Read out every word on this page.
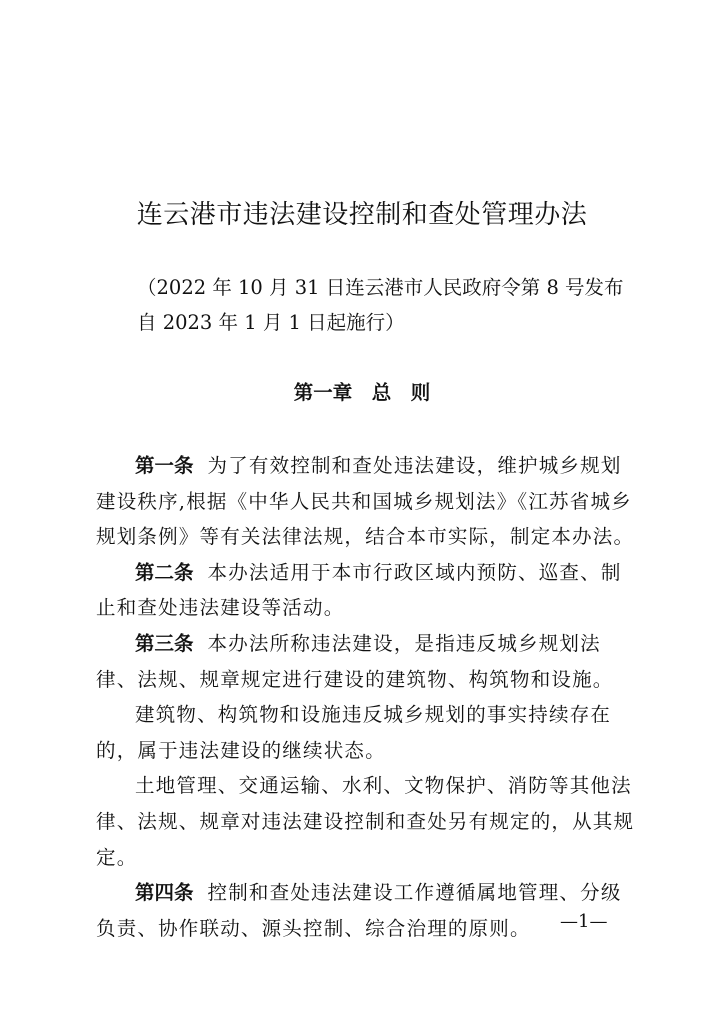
连云港市违法建设控制和查处管理办法
（2022 年 10 月 31 日连云港市人民政府令第 8 号发布
自 2023 年 1 月 1 日起施行）
第一章　总　则

第一条 为了有效控制和查处违法建设，维护城乡规划建设秩序,根据《中华人民共和国城乡规划法》《江苏省城乡规划条例》等有关法律法规，结合本市实际，制定本办法。

第二条 本办法适用于本市行政区域内预防、巡查、制止和查处违法建设等活动。

第三条 本办法所称违法建设，是指违反城乡规划法律、法规、规章规定进行建设的建筑物、构筑物和设施。

建筑物、构筑物和设施违反城乡规划的事实持续存在的，属于违法建设的继续状态。

土地管理、交通运输、水利、文物保护、消防等其他法律、法规、规章对违法建设控制和查处另有规定的，从其规定。

第四条 控制和查处违法建设工作遵循属地管理、分级负责、协作联动、源头控制、综合治理的原则。	—1—
